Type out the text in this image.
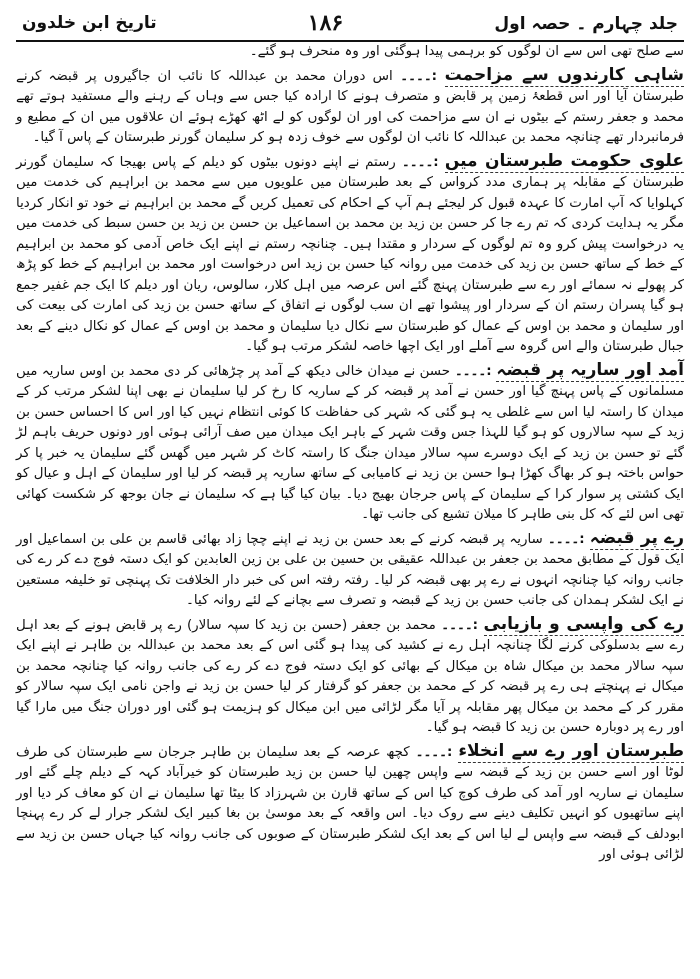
تاریخ ابن خلدون	۱۸۶	جلد چہارم ۔ حصہ اول

سے صلح تھی اس سے ان لوگوں کو برہمی پیدا ہوگئی اور وہ منحرف ہو گئے۔

شاہی کارندوں سے مزاحمت :۔۔۔۔ اس دوران محمد بن عبداللہ کا نائب ان جاگیروں پر قبضہ کرنے طبرستان آیا اور اس قطعۂ زمین پر قابض و متصرف ہونے کا ارادہ کیا جس سے وہاں کے رہنے والے مستفید ہوتے تھے محمد و جعفر رستم کے بیٹوں نے ان سے مزاحمت کی اور ان لوگوں کو لے اٹھ کھڑے ہوئے ان علاقوں میں ان کے مطیع و فرمانبردار تھے چنانچہ محمد بن عبداللہ کا نائب ان لوگوں سے خوف زدہ ہو کر سلیمان گورنر طبرستان کے پاس آ گیا۔

علوی حکومت طبرستان میں :۔۔۔۔ رستم نے اپنے دونوں بیٹوں کو دیلم کے پاس بھیجا کہ سلیمان گورنر طبرستان کے مقابلہ پر ہماری مدد کرواس کے بعد طبرستان میں علویوں میں سے محمد بن ابراہیم کی خدمت میں کہلوایا کہ آپ امارت کا عہدہ قبول کر لیجئے ہم آپ کے احکام کی تعمیل کریں گے محمد بن ابراہیم نے خود تو انکار کردیا مگر یہ ہدایت کردی کہ تم رے جا کر حسن بن زید بن محمد بن اسماعیل بن حسن بن زید بن حسن سبط کی خدمت میں یہ درخواست پیش کرو وہ تم لوگوں کے سردار و مقتدا ہیں۔ چنانچہ رستم نے اپنے ایک خاص آدمی کو محمد بن ابراہیم کے خط کے ساتھ حسن بن زید کی خدمت میں روانہ کیا حسن بن زید اس درخواست اور محمد بن ابراہیم کے خط کو پڑھ کر پھولے نہ سمائے اور رے سے طبرستان پہنچ گئے اس عرصہ میں اہل کلار، سالوس، ریان اور دیلم کا ایک جم غفیر جمع ہو گیا پسران رستم ان کے سردار اور پیشوا تھے ان سب لوگوں نے اتفاق کے ساتھ حسن بن زید کی امارت کی بیعت کی اور سلیمان و محمد بن اوس کے عمال کو طبرستان سے نکال دیا سلیمان و محمد بن اوس کے عمال کو نکال دینے کے بعد جبال طبرستان والے اس گروہ سے آملے اور ایک اچھا خاصہ لشکر مرتب ہو گیا۔

آمد اور ساریہ پر قبضہ :۔۔۔۔ حسن نے میدان خالی دیکھ کے آمد پر چڑھائی کر دی محمد بن اوس ساریہ میں مسلمانوں کے پاس پہنچ گیا اور حسن نے آمد پر قبضہ کر کے ساریہ کا رخ کر لیا سلیمان نے بھی اپنا لشکر مرتب کر کے میدان کا راستہ لیا اس سے غلطی یہ ہو گئی کہ شہر کی حفاظت کا کوئی انتظام نہیں کیا اور اس کا احساس حسن بن زید کے سپہ سالاروں کو ہو گیا للہذا جس وقت شہر کے باہر ایک میدان میں صف آرائی ہوئی اور دونوں حریف باہم لڑ گئے تو حسن بن زید کے ایک دوسرے سپہ سالار میدان جنگ کا راستہ کاٹ کر شہر میں گھس گئے سلیمان یہ خبر پا کر حواس باختہ ہو کر بھاگ کھڑا ہوا حسن بن زید نے کامیابی کے ساتھ ساریہ پر قبضہ کر لیا اور سلیمان کے اہل و عیال کو ایک کشتی پر سوار کرا کے سلیمان کے پاس جرجان بھیج دیا۔ بیان کیا گیا ہے کہ سلیمان نے جان بوجھ کر شکست کھائی تھی اس لئے کہ کل بنی طاہر کا میلان تشیع کی جانب تھا۔

رے پر قبضہ :۔۔۔۔ ساریہ پر قبضہ کرنے کے بعد حسن بن زید نے اپنے چچا زاد بھائی قاسم بن علی بن اسماعیل اور ایک قول کے مطابق محمد بن جعفر بن عبداللہ عقیقی بن حسین بن علی بن زین العابدین کو ایک دستہ فوج دے کر رے کی جانب روانہ کیا چنانچہ انہوں نے رے پر بھی قبضہ کر لیا۔ رفتہ رفتہ اس کی خبر دار الخلافت تک پہنچی تو خلیفہ مستعین نے ایک لشکر ہمدان کی جانب حسن بن زید کے قبضہ و تصرف سے بچانے کے لئے روانہ کیا۔

رے کی واپسی و بازیابی :۔۔۔۔ محمد بن جعفر (حسن بن زید کا سپہ سالار) رے پر قابض ہونے کے بعد اہل رے سے بدسلوکی کرنے لگا چنانچہ اہل رے نے کشید کی پیدا ہو گئی اس کے بعد محمد بن عبداللہ بن طاہر نے اپنے ایک سپہ سالار محمد بن میکال شاہ بن میکال کے بھائی کو ایک دستہ فوج دے کر رے کی جانب روانہ کیا چنانچہ محمد بن میکال نے پہنچتے ہی رے پر قبضہ کر کے محمد بن جعفر کو گرفتار کر لیا حسن بن زید نے واجن نامی ایک سپہ سالار کو مقرر کر کے محمد بن میکال پھر مقابلہ پر آیا مگر لڑائی میں ابن میکال کو ہزیمت ہو گئی اور دوران جنگ میں مارا گیا اور رے پر دوبارہ حسن بن زید کا قبضہ ہو گیا۔

طبرستان اور رے سے انخلاء :۔۔۔۔ کچھ عرصہ کے بعد سلیمان بن طاہر جرجان سے طبرستان کی طرف لوٹا اور اسے حسن بن زید کے قبضہ سے واپس چھین لیا حسن بن زید طبرستان کو خیرآباد کہہ کے دیلم چلے گئے اور سلیمان نے ساریہ اور آمد کی طرف کوچ کیا اس کے ساتھ قارن بن شہرزاد کا بیٹا تھا سلیمان نے ان کو معاف کر دیا اور اپنے ساتھیوں کو انہیں تکلیف دینے سے روک دیا۔ اس واقعہ کے بعد موسیٰ بن بغا کبیر ایک لشکر جرار لے کر رے پہنچا ابودلف کے قبضہ سے واپس لے لیا اس کے بعد ایک لشکر طبرستان کے صوبوں کی جانب روانہ کیا جہاں حسن بن زید سے لڑائی ہوئی اور
